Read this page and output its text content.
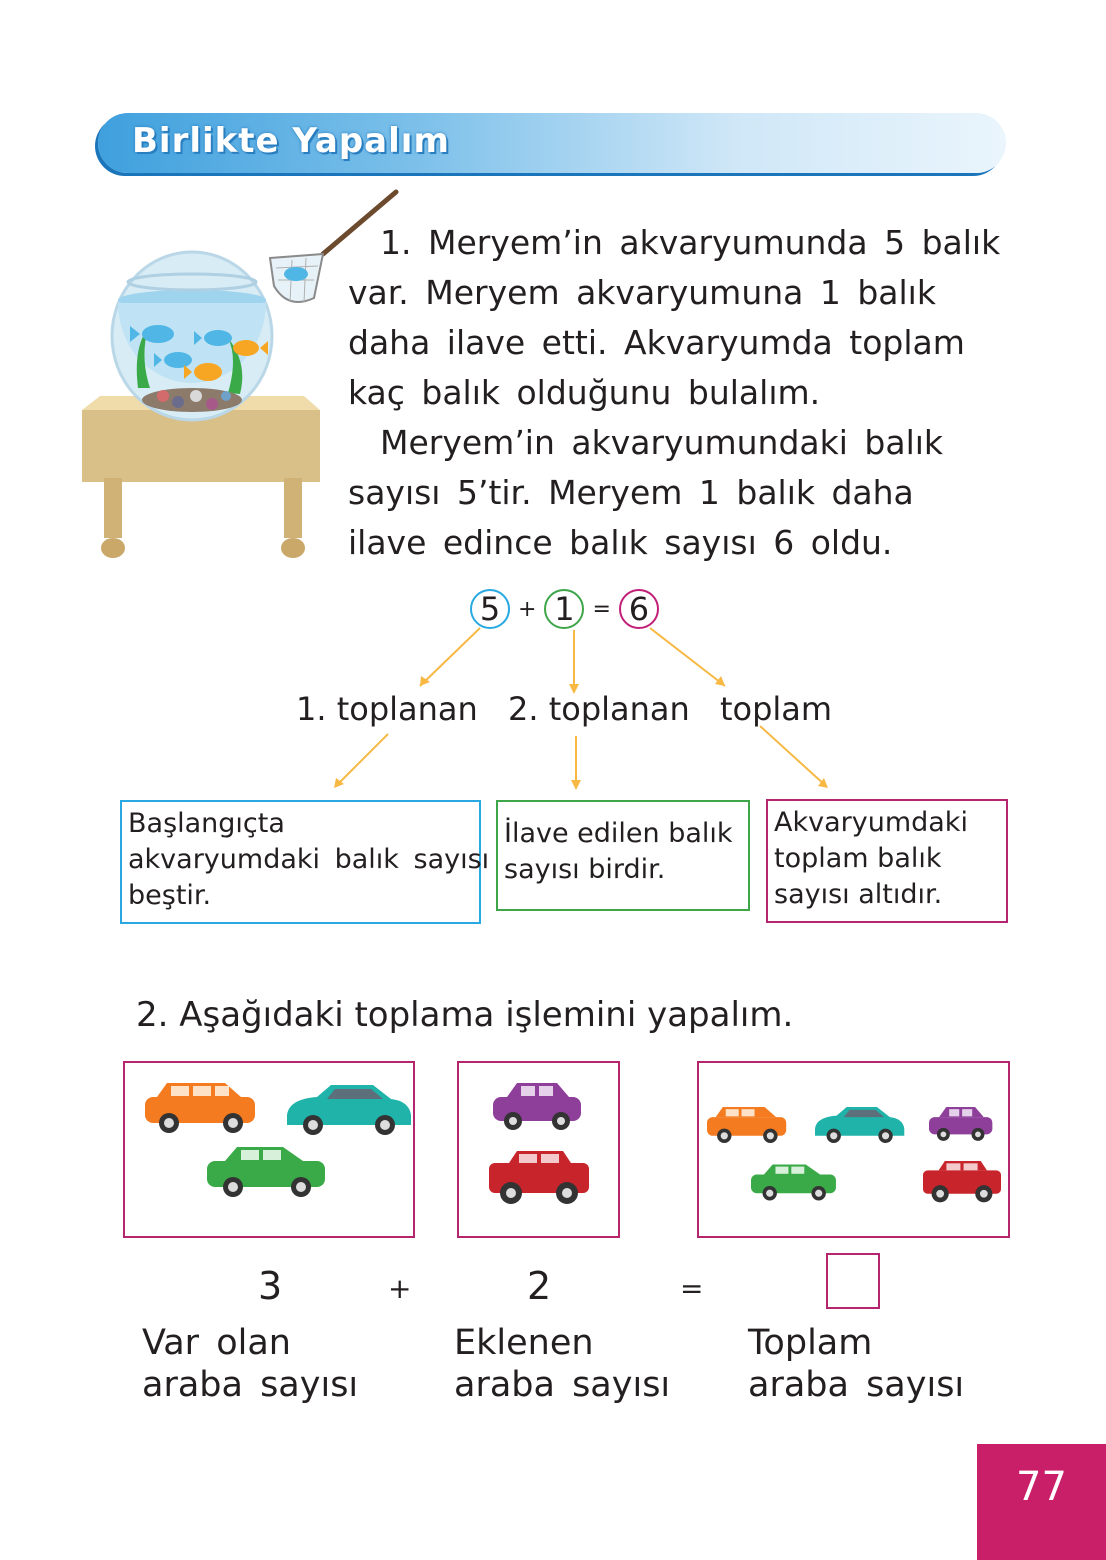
Birlikte Yapalım
1. Meryem’in akvaryumunda 5 balık
var. Meryem akvaryumuna 1 balık
daha ilave etti. Akvaryumda toplam
kaç balık olduğunu bulalım.
Meryem’in akvaryumundaki balık
sayısı 5’tir. Meryem 1 balık daha
ilave edince balık sayısı 6 oldu.
5 + 1 = 6
1. toplanan 2. toplanan toplam
Başlangıçta
akvaryumdaki balık sayısı
beştir.
İlave edilen balık
sayısı birdir.
Akvaryumdaki
toplam balık
sayısı altıdır.
2. Aşağıdaki toplama işlemini yapalım.
3	+	2	=
Var olan
araba sayısı
Eklenen
araba sayısı
Toplam
araba sayısı
77
